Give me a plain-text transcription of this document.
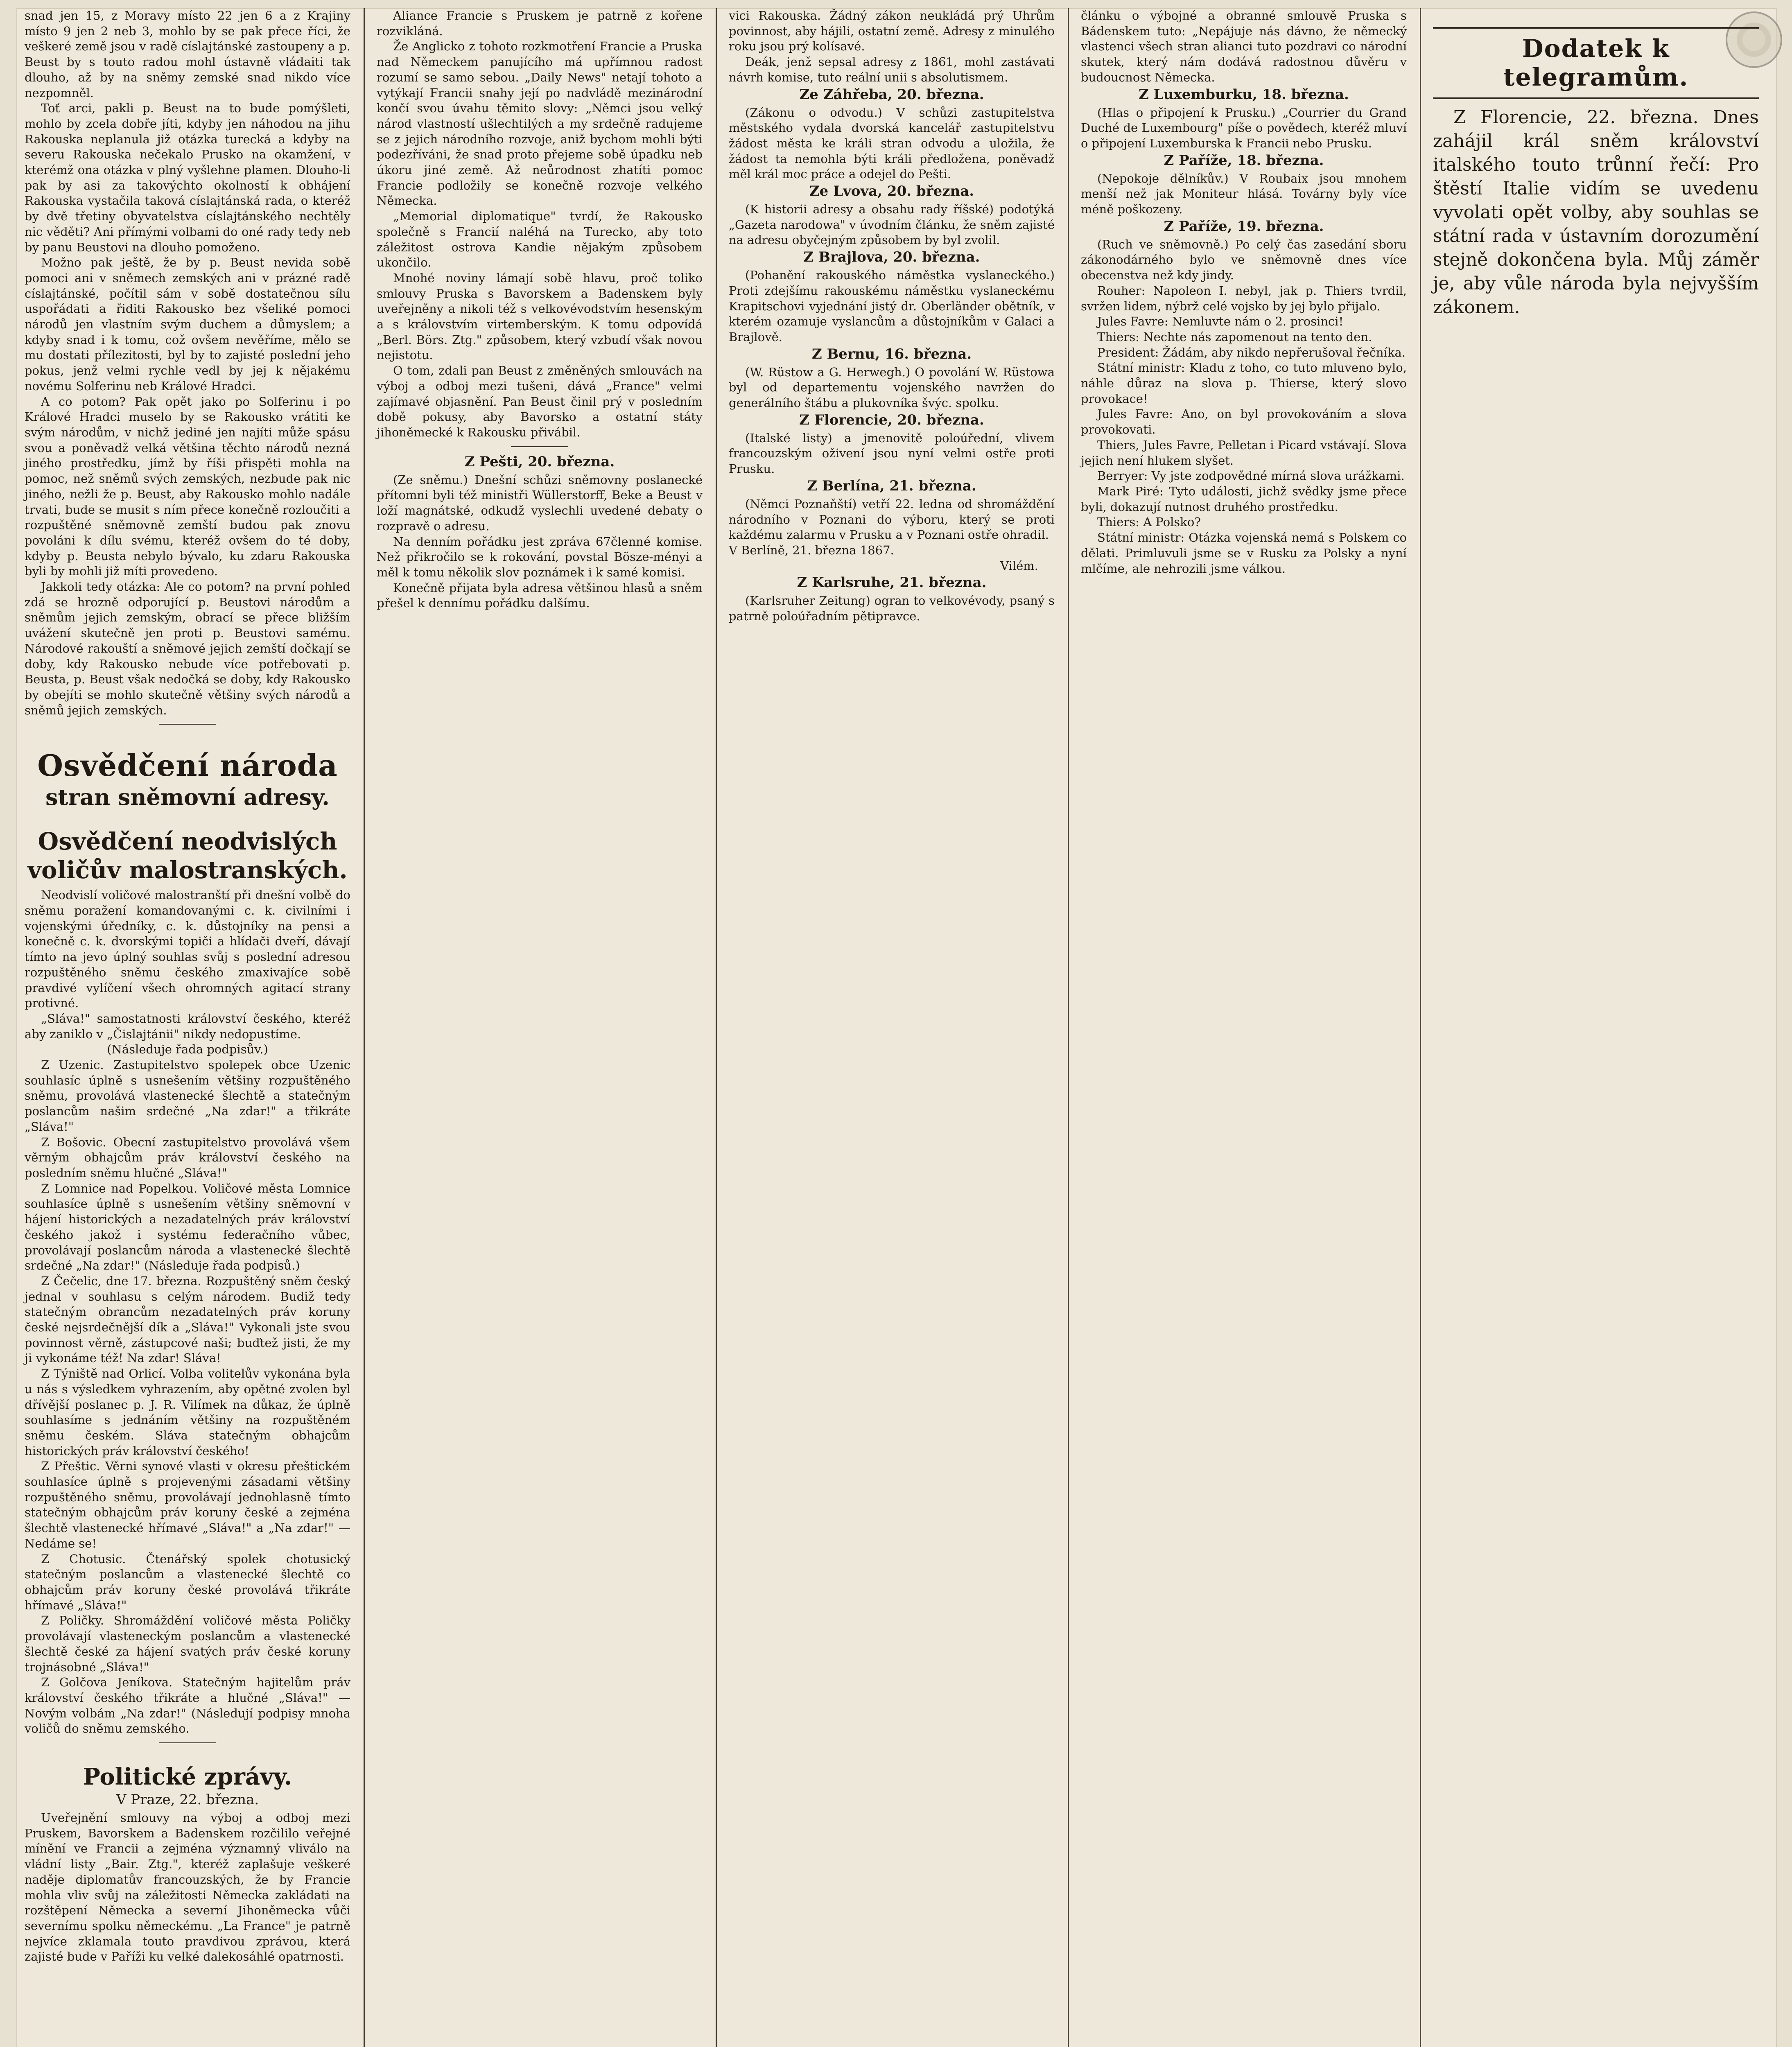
snad jen 15, z Moravy místo 22 jen 6 a z Krajiny místo 9 jen 2 neb 3, mohlo by se pak přece říci, že veškeré země jsou v radě císlajtánské zastoupeny a p. Beust by s touto radou mohl ústavně vládaiti tak dlouho, až by na sněmy zemské snad nikdo více nezpomněl.

Toť arci, pakli p. Beust na to bude pomýšleti, mohlo by zcela dobře jíti, kdyby jen náhodou na jihu Rakouska neplanula již otázka turecká a kdyby na severu Rakouska nečekalo Prusko na okamžení, v kterémž ona otázka v plný vyšlehne plamen. Dlouho-li pak by asi za takovýchto okolností k obhájení Rakouska vystačila taková císlajtánská rada, o kteréž by dvě třetiny obyvatelstva císlajtánského nechtěly nic věděti? Ani přímými volbami do oné rady tedy neb by panu Beustovi na dlouho pomoženo.

Možno pak ještě, že by p. Beust nevida sobě pomoci ani v sněmech zemských ani v prázné radě císlajtánské, počítil sám v sobě dostatečnou sílu uspořádati a řiditi Rakousko bez všeliké pomoci národů jen vlastním svým duchem a důmyslem; a kdyby snad i k tomu, což ovšem nevěříme, mělo se mu dostati přílezitosti, byl by to zajisté poslední jeho pokus, jenž velmi rychle vedl by jej k nějakému novému Solferinu neb Králové Hradci.

A co potom? Pak opět jako po Solferinu i po Králové Hradci muselo by se Rakousko vrátiti ke svým národům, v nichž jediné jen najíti může spásu svou a poněvadž velká většina těchto národů nezná jiného prostředku, jímž by říši přispěti mohla na pomoc, než sněmů svých zemských, nezbude pak nic jiného, nežli že p. Beust, aby Rakousko mohlo nadále trvati, bude se musit s ním přece konečně rozloučiti a rozpuštěné sněmovně zemští budou pak znovu povoláni k dílu svému, kteréž ovšem do té doby, kdyby p. Beusta nebylo bývalo, ku zdaru Rakouska byli by mohli již míti provedeno.

Jakkoli tedy otázka: Ale co potom? na první pohled zdá se hrozně odporující p. Beustovi národům a sněmům jejich zemským, obrací se přece bližším uvážení skutečně jen proti p. Beustovi samému. Národové rakouští a sněmové jejich zemští dočkají se doby, kdy Rakousko nebude více potřebovati p. Beusta, p. Beust však nedočká se doby, kdy Rakousko by obejíti se mohlo skutečně většiny svých národů a sněmů jejich zemských.

Osvědčení národa
stran sněmovní adresy.
Osvědčení neodvislých voličův malostranských.

Neodvislí voličové malostranští při dnešní volbě do sněmu poražení komandovanými c. k. civilními i vojenskými úředníky, c. k. důstojníky na pensi a konečně c. k. dvorskými topiči a hlídači dveří, dávají tímto na jevo úplný souhlas svůj s poslední adresou rozpuštěného sněmu českého zmaxivajíce sobě pravdivé vylíčení všech ohromných agitací strany protivné.

„Sláva!" samostatnosti království českého, kteréž aby zaniklo v „Čislajtánii" nikdy nedopustíme.

(Následuje řada podpisův.)

Z Uzenic. Zastupitelstvo spolepek obce Uzenic souhlasíc úplně s usnešením většiny rozpuštěného sněmu, provolává vlastenecké šlechtě a statečným poslancům našim srdečné „Na zdar!" a třikráte „Sláva!"

Z Bošovic. Obecní zastupitelstvo provolává všem věrným obhajcům práv království českého na posledním sněmu hlučné „Sláva!"

Z Lomnice nad Popelkou. Voličové města Lomnice souhlasíce úplně s usnešením většiny sněmovní v hájení historických a nezadatelných práv království českého jakož i systému federačního vůbec, provolávají poslancům národa a vlastenecké šlechtě srdečné „Na zdar!" (Následuje řada podpisů.)

Z Čečelic, dne 17. března. Rozpuštěný sněm český jednal v souhlasu s celým národem. Budiž tedy statečným obrancům nezadatelných práv koruny české nejsrdečnější dík a „Sláva!" Vykonali jste svou povinnost věrně, zástupcové naši; buďtež jisti, že my ji vykonáme též! Na zdar! Sláva!

Z Týniště nad Orlicí. Volba volitelův vykonána byla u nás s výsledkem vyhrazením, aby opětné zvolen byl dřívější poslanec p. J. R. Vilímek na důkaz, že úplně souhlasíme s jednáním většiny na rozpuštěném sněmu českém. Sláva statečným obhajcům historických práv království českého!

Z Přeštic. Věrni synové vlasti v okresu přeštickém souhlasíce úplně s projevenými zásadami většiny rozpuštěného sněmu, provolávají jednohlasně tímto statečným obhajcům práv koruny české a zejména šlechtě vlastenecké hřímavé „Sláva!" a „Na zdar!" — Nedáme se!

Z Chotusic. Čtenářský spolek chotusický statečným poslancům a vlastenecké šlechtě co obhajcům práv koruny české provolává třikráte hřímavé „Sláva!"

Z Poličky. Shromáždění voličové města Poličky provolávají vlasteneckým poslancům a vlastenecké šlechtě české za hájení svatých práv české koruny trojnásobné „Sláva!"

Z Golčova Jeníkova. Statečným hajitelům práv království českého třikráte a hlučné „Sláva!" — Novým volbám „Na zdar!" (Následují podpisy mnoha voličů do sněmu zemského.

Politické zprávy.
V Praze, 22. března.

Uveřejnění smlouvy na výboj a odboj mezi Pruskem, Bavorskem a Badenskem rozčililo veřejné mínění ve Francii a zejména významný vliválo na vládní listy „Bair. Ztg.", kteréž zaplašuje veškeré naděje diplomatův francouzských, že by Francie mohla vliv svůj na záležitosti Německa zakládati na rozštěpení Německa a severní Jihoněmecka vůči severnímu spolku německému. „La France" je patrně nejvíce zklamala touto pravdivou zprávou, která zajisté bude v Paříži ku velké dalekosáhlé opatrnosti.

Aliance Francie s Pruskem je patrně z kořene rozvikláná.

Že Anglicko z tohoto rozkmotření Francie a Pruska nad Německem panujícího má upřímnou radost rozumí se samo sebou. „Daily News" netají tohoto a vytýkají Francii snahy její po nadvládě mezinárodní končí svou úvahu těmito slovy: „Němci jsou velký národ vlastností ušlechtilých a my srdečně radujeme se z jejich národního rozvoje, aniž bychom mohli býti podezříváni, že snad proto přejeme sobě úpadku neb úkoru jiné země. Až neůrodnost zhatíti pomoc Francie podložily se konečně rozvoje velkého Německa.

„Memorial diplomatique" tvrdí, že Rakousko společně s Francií naléhá na Turecko, aby toto záležitost ostrova Kandie nějakým způsobem ukončilo.

Mnohé noviny lámají sobě hlavu, proč toliko smlouvy Pruska s Bavorskem a Badenskem byly uveřejněny a nikoli též s velkovévodstvím hesenským a s královstvím virtemberským. K tomu odpovídá „Berl. Börs. Ztg." způsobem, který vzbudí však novou nejistotu.

O tom, zdali pan Beust z změněných smlouvách na výboj a odboj mezi tušeni, dává „France" velmi zajímavé objasnění. Pan Beust činil prý v posledním době pokusy, aby Bavorsko a ostatní státy jihoněmecké k Rakousku přivábil.

Z Pešti, 20. března.

(Ze sněmu.) Dnešní schůzi sněmovny poslanecké přítomni byli též ministři Wüllerstorff, Beke a Beust v loží magnátské, odkudž vyslechli uvedené debaty o rozpravě o adresu.

Na denním pořádku jest zpráva 67členné komise. Než přikročilo se k rokování, povstal Bösze-ményi a měl k tomu několik slov poznámek i k samé komisi.

Konečně přijata byla adresa většinou hlasů a sněm přešel k dennímu pořádku dalšímu.

vici Rakouska. Žádný zákon neukládá prý Uhrům povinnost, aby hájili, ostatní země. Adresy z minulého roku jsou prý kolísavé.

Deák, jenž sepsal adresy z 1861, mohl zastávati návrh komise, tuto reální unii s absolutismem.

Ze Záhřeba, 20. března.

(Zákonu o odvodu.) V schůzi zastupitelstva městského vydala dvorská kancelář zastupitelstvu žádost města ke králi stran odvodu a uložila, že žádost ta nemohla býti králi předložena, poněvadž měl král moc práce a odejel do Pešti.

Ze Lvova, 20. března.

(K historii adresy a obsahu rady říšské) podotýká „Gazeta narodowa" v úvodním článku, že sněm zajisté na adresu obyčejným způsobem by byl zvolil.

Z Brajlova, 20. března.

(Pohanění rakouského náměstka vyslaneckého.) Proti zdejšímu rakouskému náměstku vyslaneckému Krapitschovi vyjednání jistý dr. Oberländer obětník, v kterém ozamuje vyslancům a důstojníkům v Galaci a Brajlově.

Z Bernu, 16. března.

(W. Rüstow a G. Herwegh.) O povolání W. Rüstowa byl od departementu vojenského navržen do generálního štábu a plukovníka švýc. spolku.

Z Florencie, 20. března.

(Italské listy) a jmenovitě poloúřední, vlivem francouzským oživení jsou nyní velmi ostře proti Prusku.

Z Berlína, 21. března.

(Němci Poznaňští) vetří 22. ledna od shromáždění národního v Poznani do výboru, který se proti každému zalarmu v Prusku a v Poznani ostře ohradil.

V Berlíně, 21. března 1867.

Vilém.
Z Karlsruhe, 21. března.

(Karlsruher Zeitung) ogran to velkovévody, psaný s patrně poloúřadním pětipravce.

článku o výbojné a obranné smlouvě Pruska s Bádenskem tuto: „Nepájuje nás dávno, že německý vlastenci všech stran alianci tuto pozdravi co národní skutek, který nám dodává radostnou důvěru v budoucnost Německa.

Z Luxemburku, 18. března.

(Hlas o připojení k Prusku.) „Courrier du Grand Duché de Luxembourg" píše o povědech, kteréž mluví o připojení Luxemburska k Francii nebo Prusku.

Z Paříže, 18. března.

(Nepokoje dělníkův.) V Roubaix jsou mnohem menší než jak Moniteur hlásá. Továrny byly více méně poškozeny.

Z Paříže, 19. března.

(Ruch ve sněmovně.) Po celý čas zasedání sboru zákonodárného bylo ve sněmovně dnes více obecenstva než kdy jindy.

Rouher: Napoleon I. nebyl, jak p. Thiers tvrdil, svržen lidem, nýbrž celé vojsko by jej bylo přijalo.

Jules Favre: Nemluvte nám o 2. prosinci!

Thiers: Nechte nás zapomenout na tento den.

President: Žádám, aby nikdo nepřerušoval řečníka.

Státní ministr: Kladu z toho, co tuto mluveno bylo, náhle důraz na slova p. Thierse, který slovo provokace!

Jules Favre: Ano, on byl provokováním a slova provokovati.

Thiers, Jules Favre, Pelletan i Picard vstávají. Slova jejich není hlukem slyšet.

Berryer: Vy jste zodpovědné mírná slova urážkami.

Mark Piré: Tyto události, jichž svědky jsme přece byli, dokazují nutnost druhého prostředku.

Thiers: A Polsko?

Státní ministr: Otázka vojenská nemá s Polskem co dělati. Primluvuli jsme se v Rusku za Polsky a nyní mlčíme, ale nehrozili jsme válkou.

Dodatek k telegramům.

Z Florencie, 22. března. Dnes zahájil král sněm království italského touto trůnní řečí: Pro štěstí Italie vidím se uvedenu vyvolati opět volby, aby souhlas se státní rada v ústavním dorozumění stejně dokončena byla. Můj záměr je, aby vůle národa byla nejvyšším zákonem.
